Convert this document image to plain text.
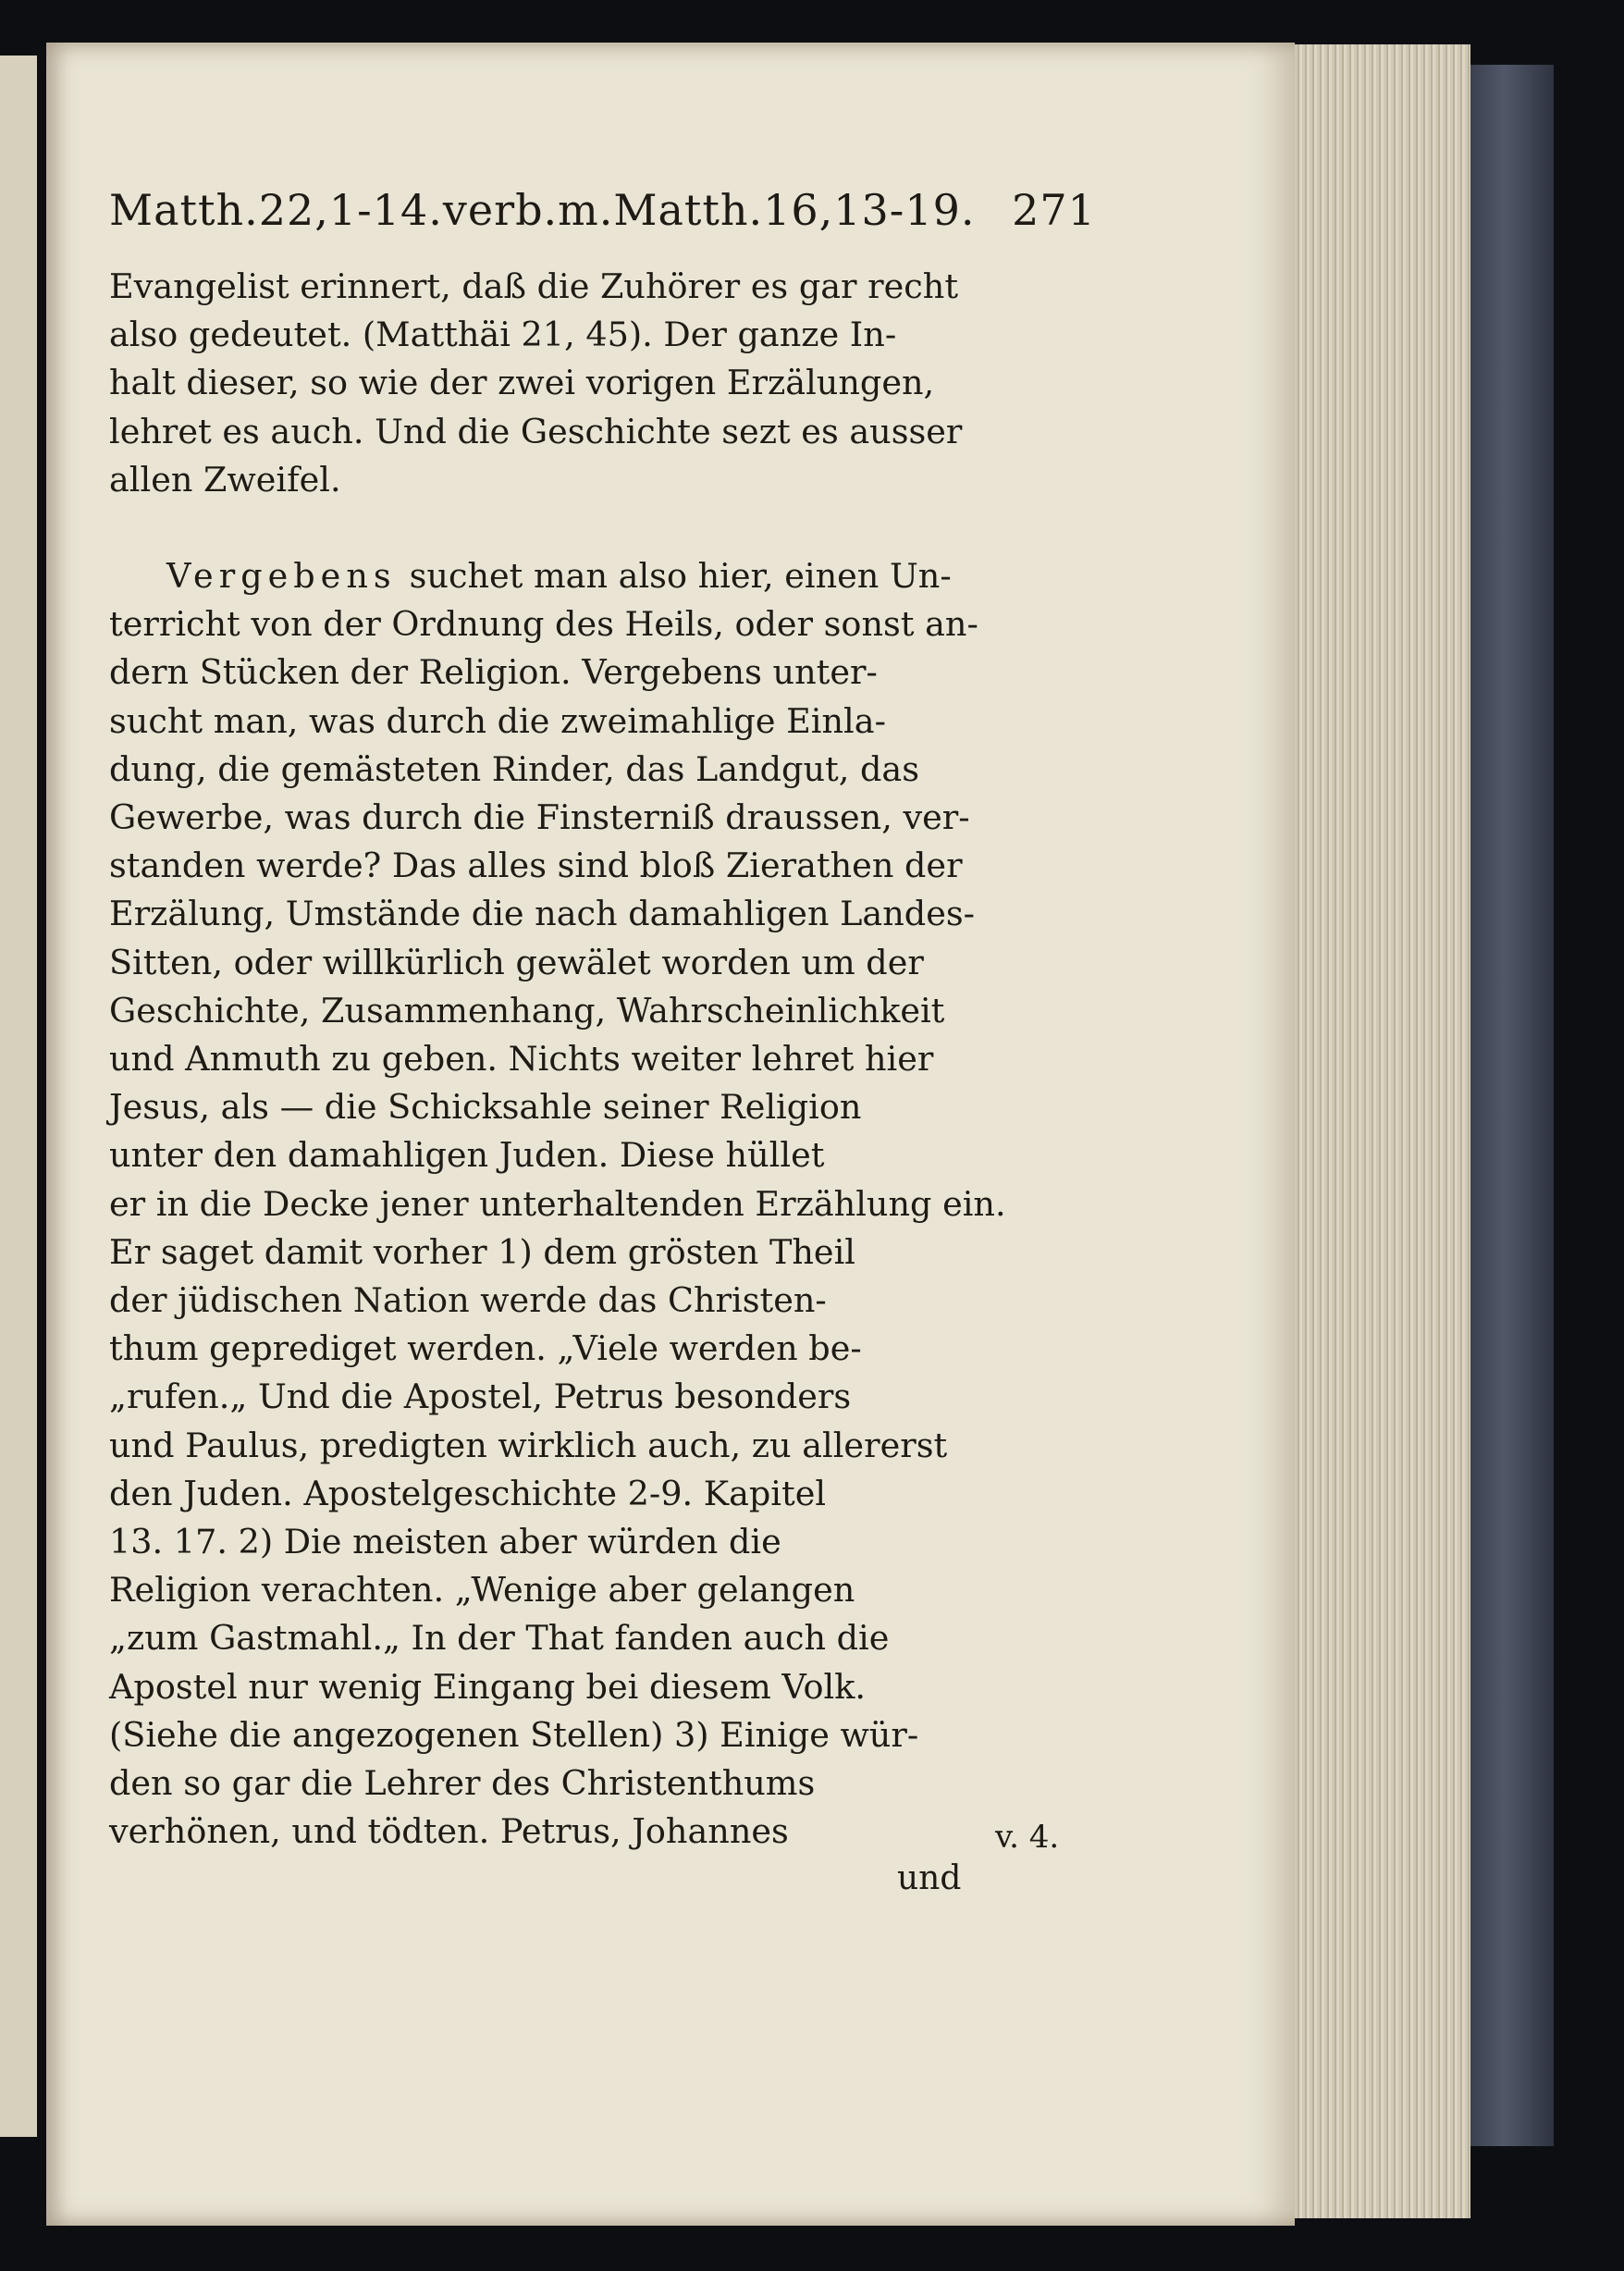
Matth.22,1-14.verb.m.Matth.16,13-19. 271
Evangelist erinnert, daß die Zuhörer es gar recht
also gedeutet. (Matthäi 21, 45). Der ganze In-
halt dieser, so wie der zwei vorigen Erzälungen,
lehret es auch. Und die Geschichte sezt es ausser
allen Zweifel.
Vergebens suchet man also hier, einen Un-
terricht von der Ordnung des Heils, oder sonst an-
dern Stücken der Religion. Vergebens unter-
sucht man, was durch die zweimahlige Einla-
dung, die gemästeten Rinder, das Landgut, das
Gewerbe, was durch die Finsterniß draussen, ver-
standen werde? Das alles sind bloß Zierathen der
Erzälung, Umstände die nach damahligen Landes-
Sitten, oder willkürlich gewälet worden um der
Geschichte, Zusammenhang, Wahrscheinlichkeit
und Anmuth zu geben. Nichts weiter lehret hier
Jesus, als — die Schicksahle seiner Religion
unter den damahligen Juden. Diese hüllet
er in die Decke jener unterhaltenden Erzählung ein.
Er saget damit vorher 1) dem grösten Theil
der jüdischen Nation werde das Christen-
thum geprediget werden. „Viele werden be-
„rufen.„ Und die Apostel, Petrus besonders
und Paulus, predigten wirklich auch, zu allererst
den Juden. Apostelgeschichte 2-9. Kapitel
13. 17. 2) Die meisten aber würden die
Religion verachten. „Wenige aber gelangen
„zum Gastmahl.„ In der That fanden auch die
Apostel nur wenig Eingang bei diesem Volk.
(Siehe die angezogenen Stellen) 3) Einige wür-
den so gar die Lehrer des Christenthums
verhönen, und tödten. Petrus, Johannes	v. 4.
und
